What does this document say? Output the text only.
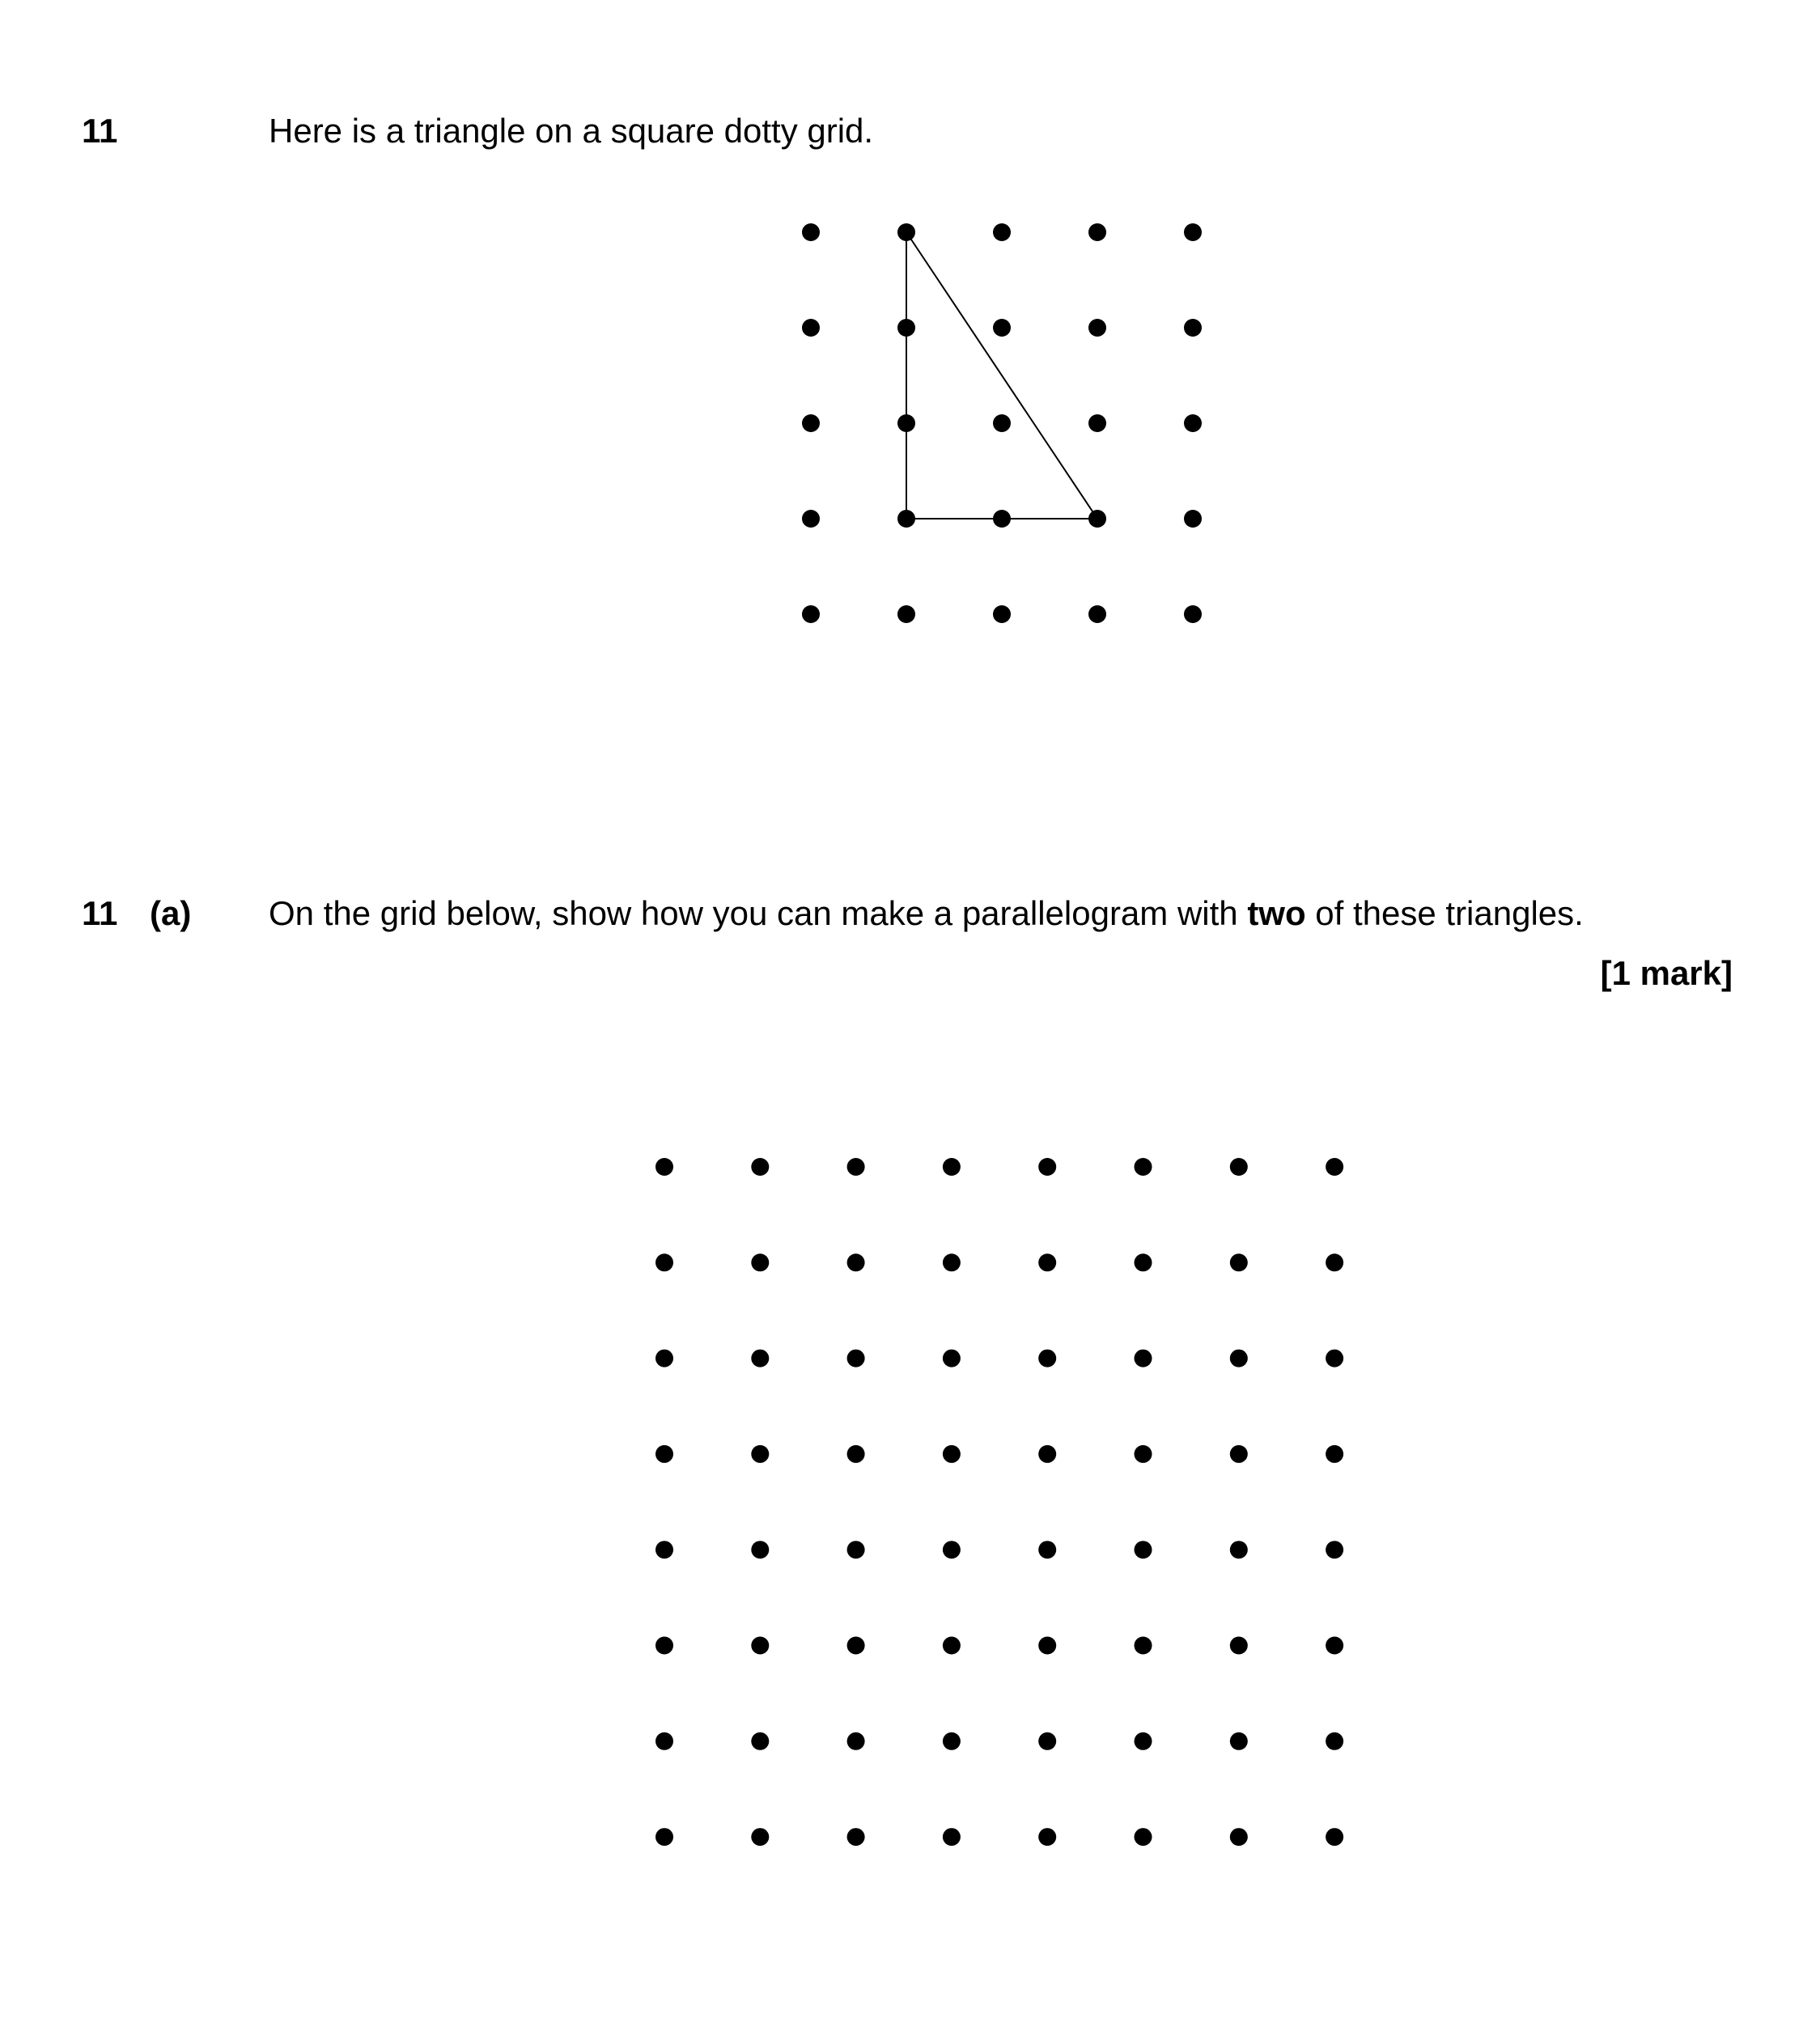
11	Here is a triangle on a square dotty grid.
11 (a) On the grid below, show how you can make a parallelogram with two of these triangles.
[1 mark]
